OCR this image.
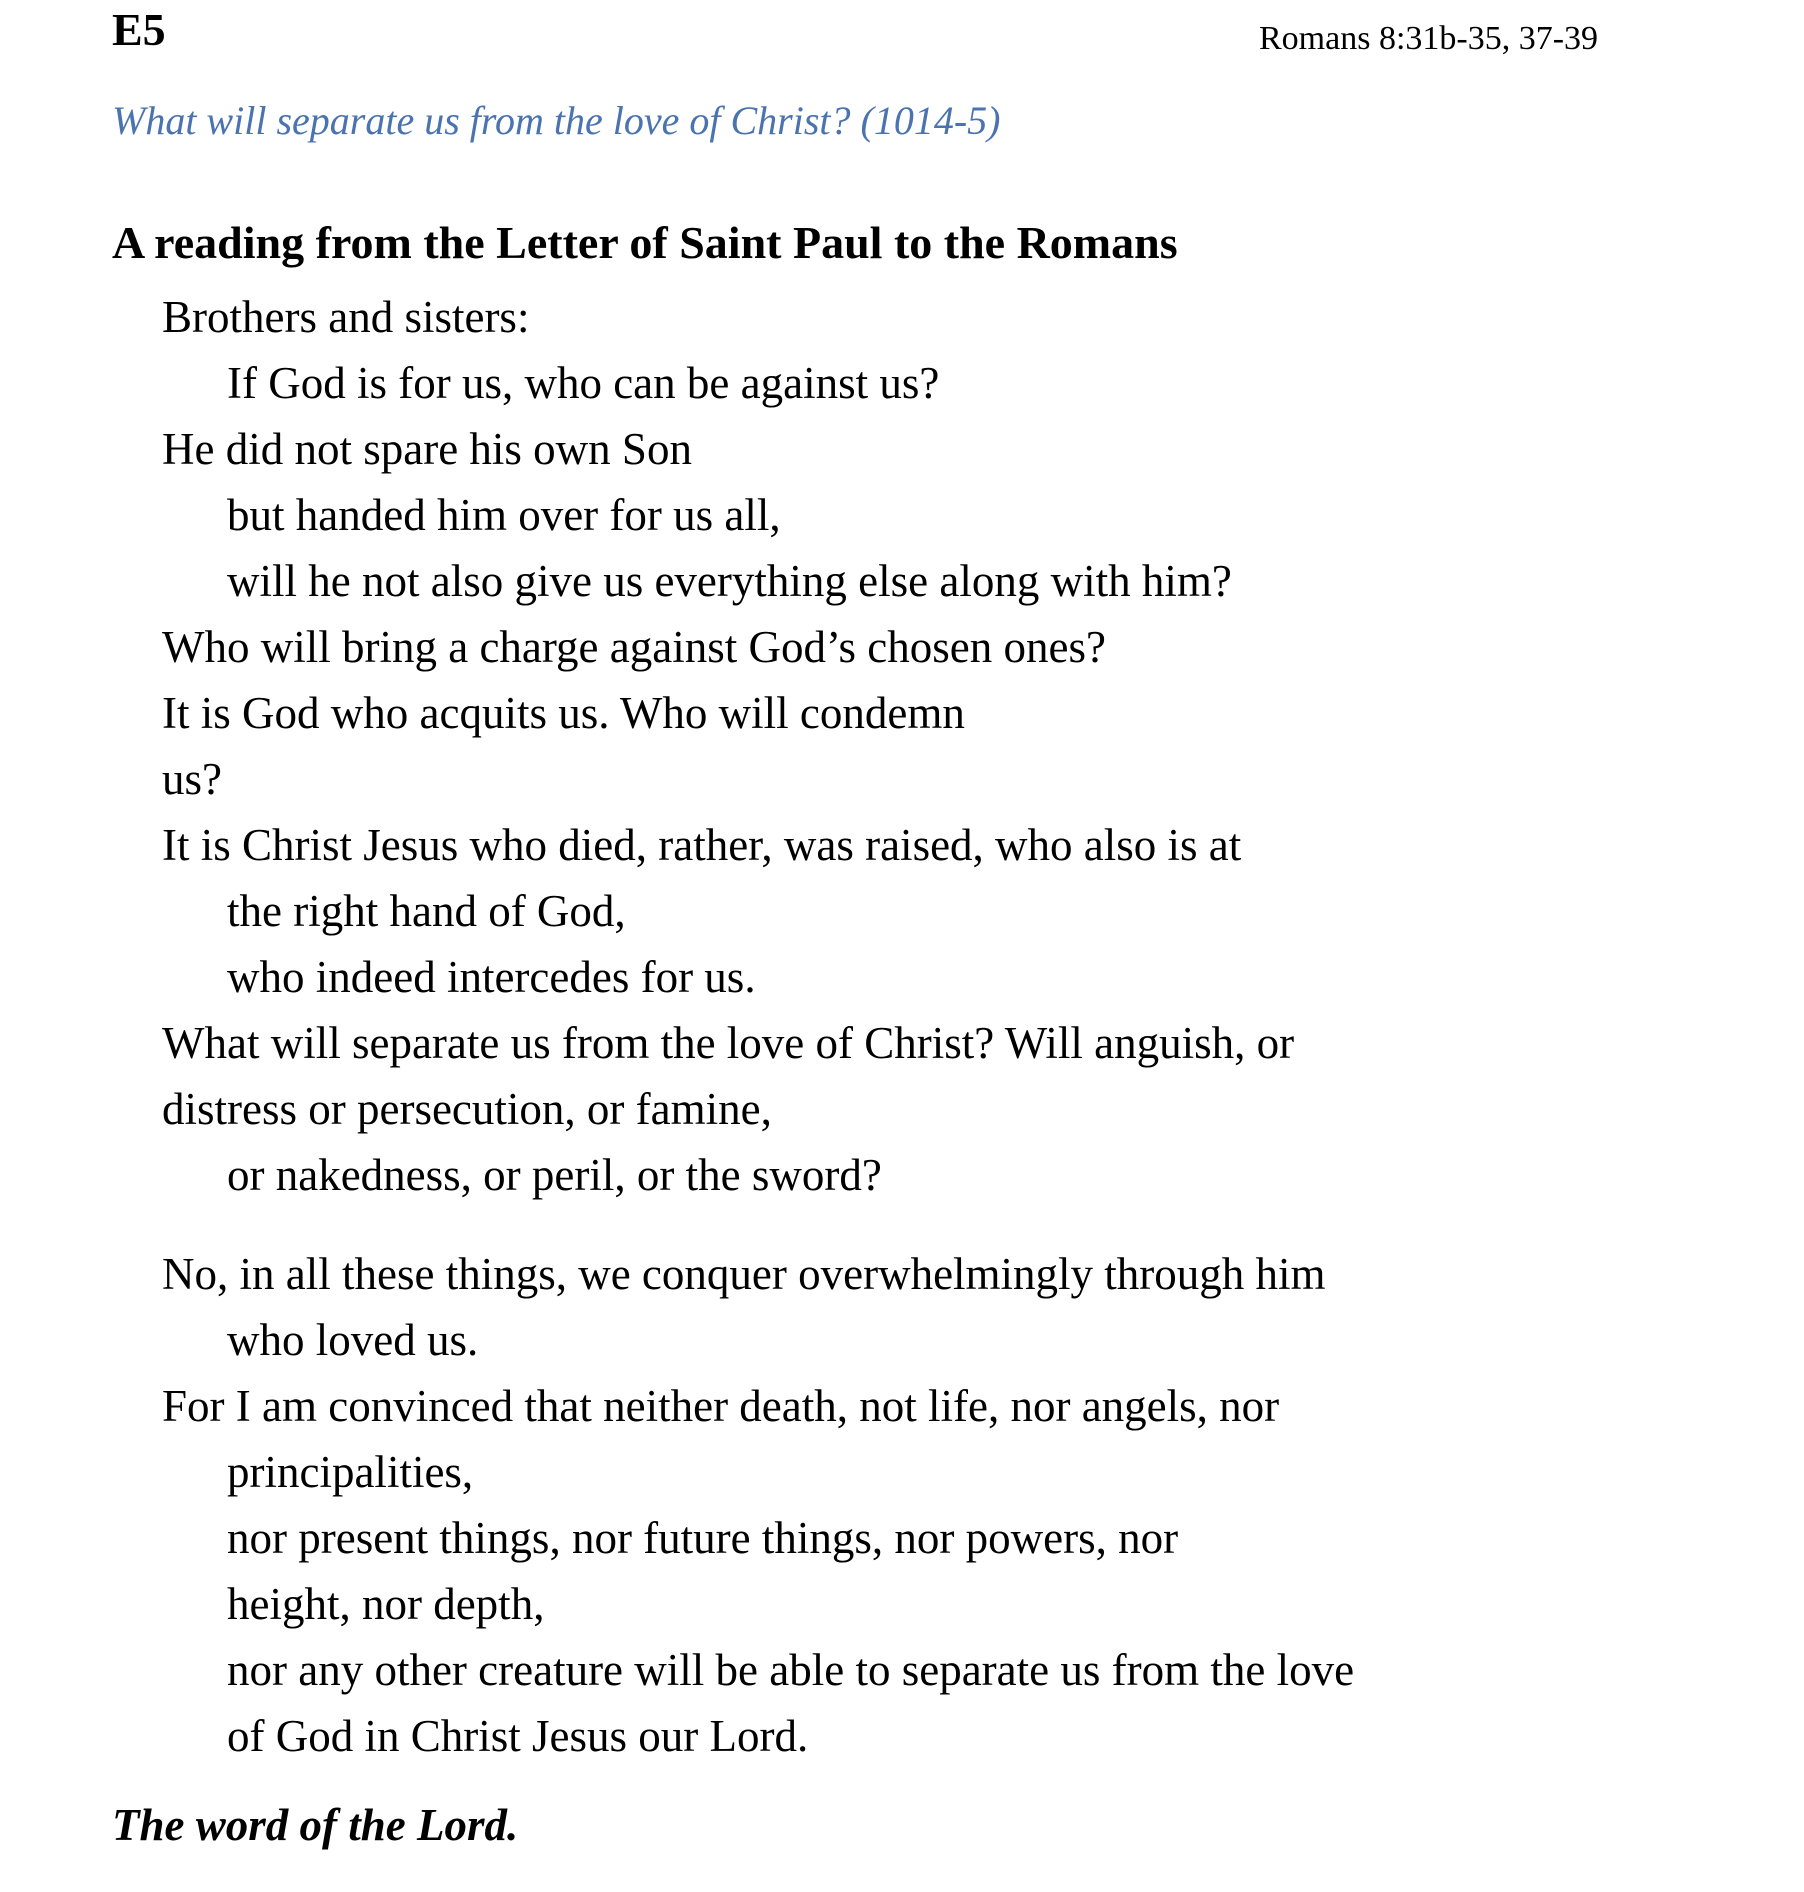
E5	Romans 8:31b-35, 37-39
What will separate us from the love of Christ? (1014-5)
A reading from the Letter of Saint Paul to the Romans
Brothers and sisters:
If God is for us, who can be against us?
He did not spare his own Son
but handed him over for us all,
will he not also give us everything else along with him?
Who will bring a charge against God’s chosen ones?
It is God who acquits us. Who will condemn
us?
It is Christ Jesus who died, rather, was raised, who also is at
the right hand of God,
who indeed intercedes for us.
What will separate us from the love of Christ? Will anguish, or
distress or persecution, or famine,
or nakedness, or peril, or the sword?
No, in all these things, we conquer overwhelmingly through him
who loved us.
For I am convinced that neither death, not life, nor angels, nor
principalities,
nor present things, nor future things, nor powers, nor
height, nor depth,
nor any other creature will be able to separate us from the love
of God in Christ Jesus our Lord.
The word of the Lord.
